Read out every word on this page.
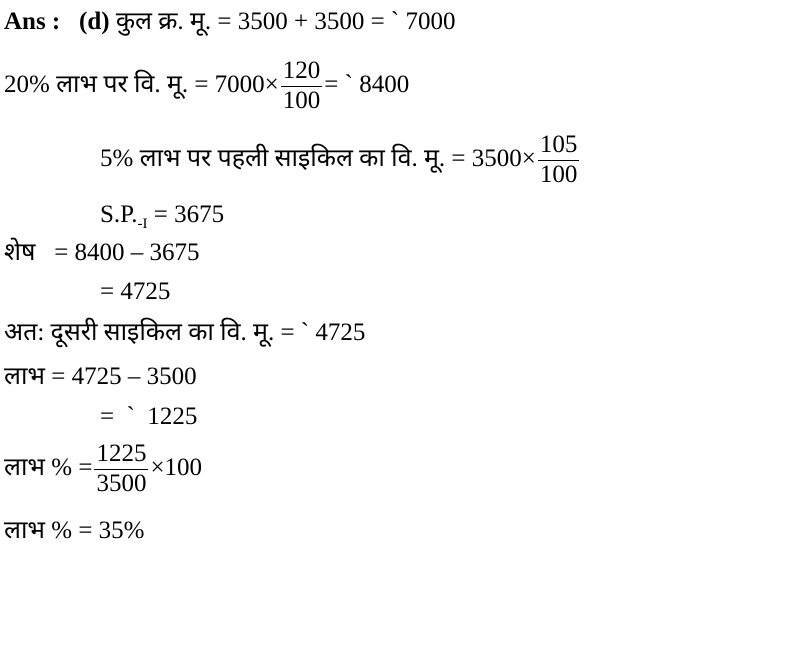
Ans : (d) कुल क्र. मू. = 3500 + 3500 = ` 7000
20% लाभ पर वि. मू. = $7000\times \frac{120}{100}$ = ` 8400
5% लाभ पर पहली साइकिल का वि. मू. = $3500\times \frac{105}{100}$
$S.P._{-I} = 3675$
शेष   = 8400 – 3675
= 4725
अत: दूसरी साइकिल का वि. मू. = ` 4725
लाभ = 4725 – 3500
=  `  1225
लाभ % = $\frac{1225}{3500} \times 100$
लाभ % = 35%
